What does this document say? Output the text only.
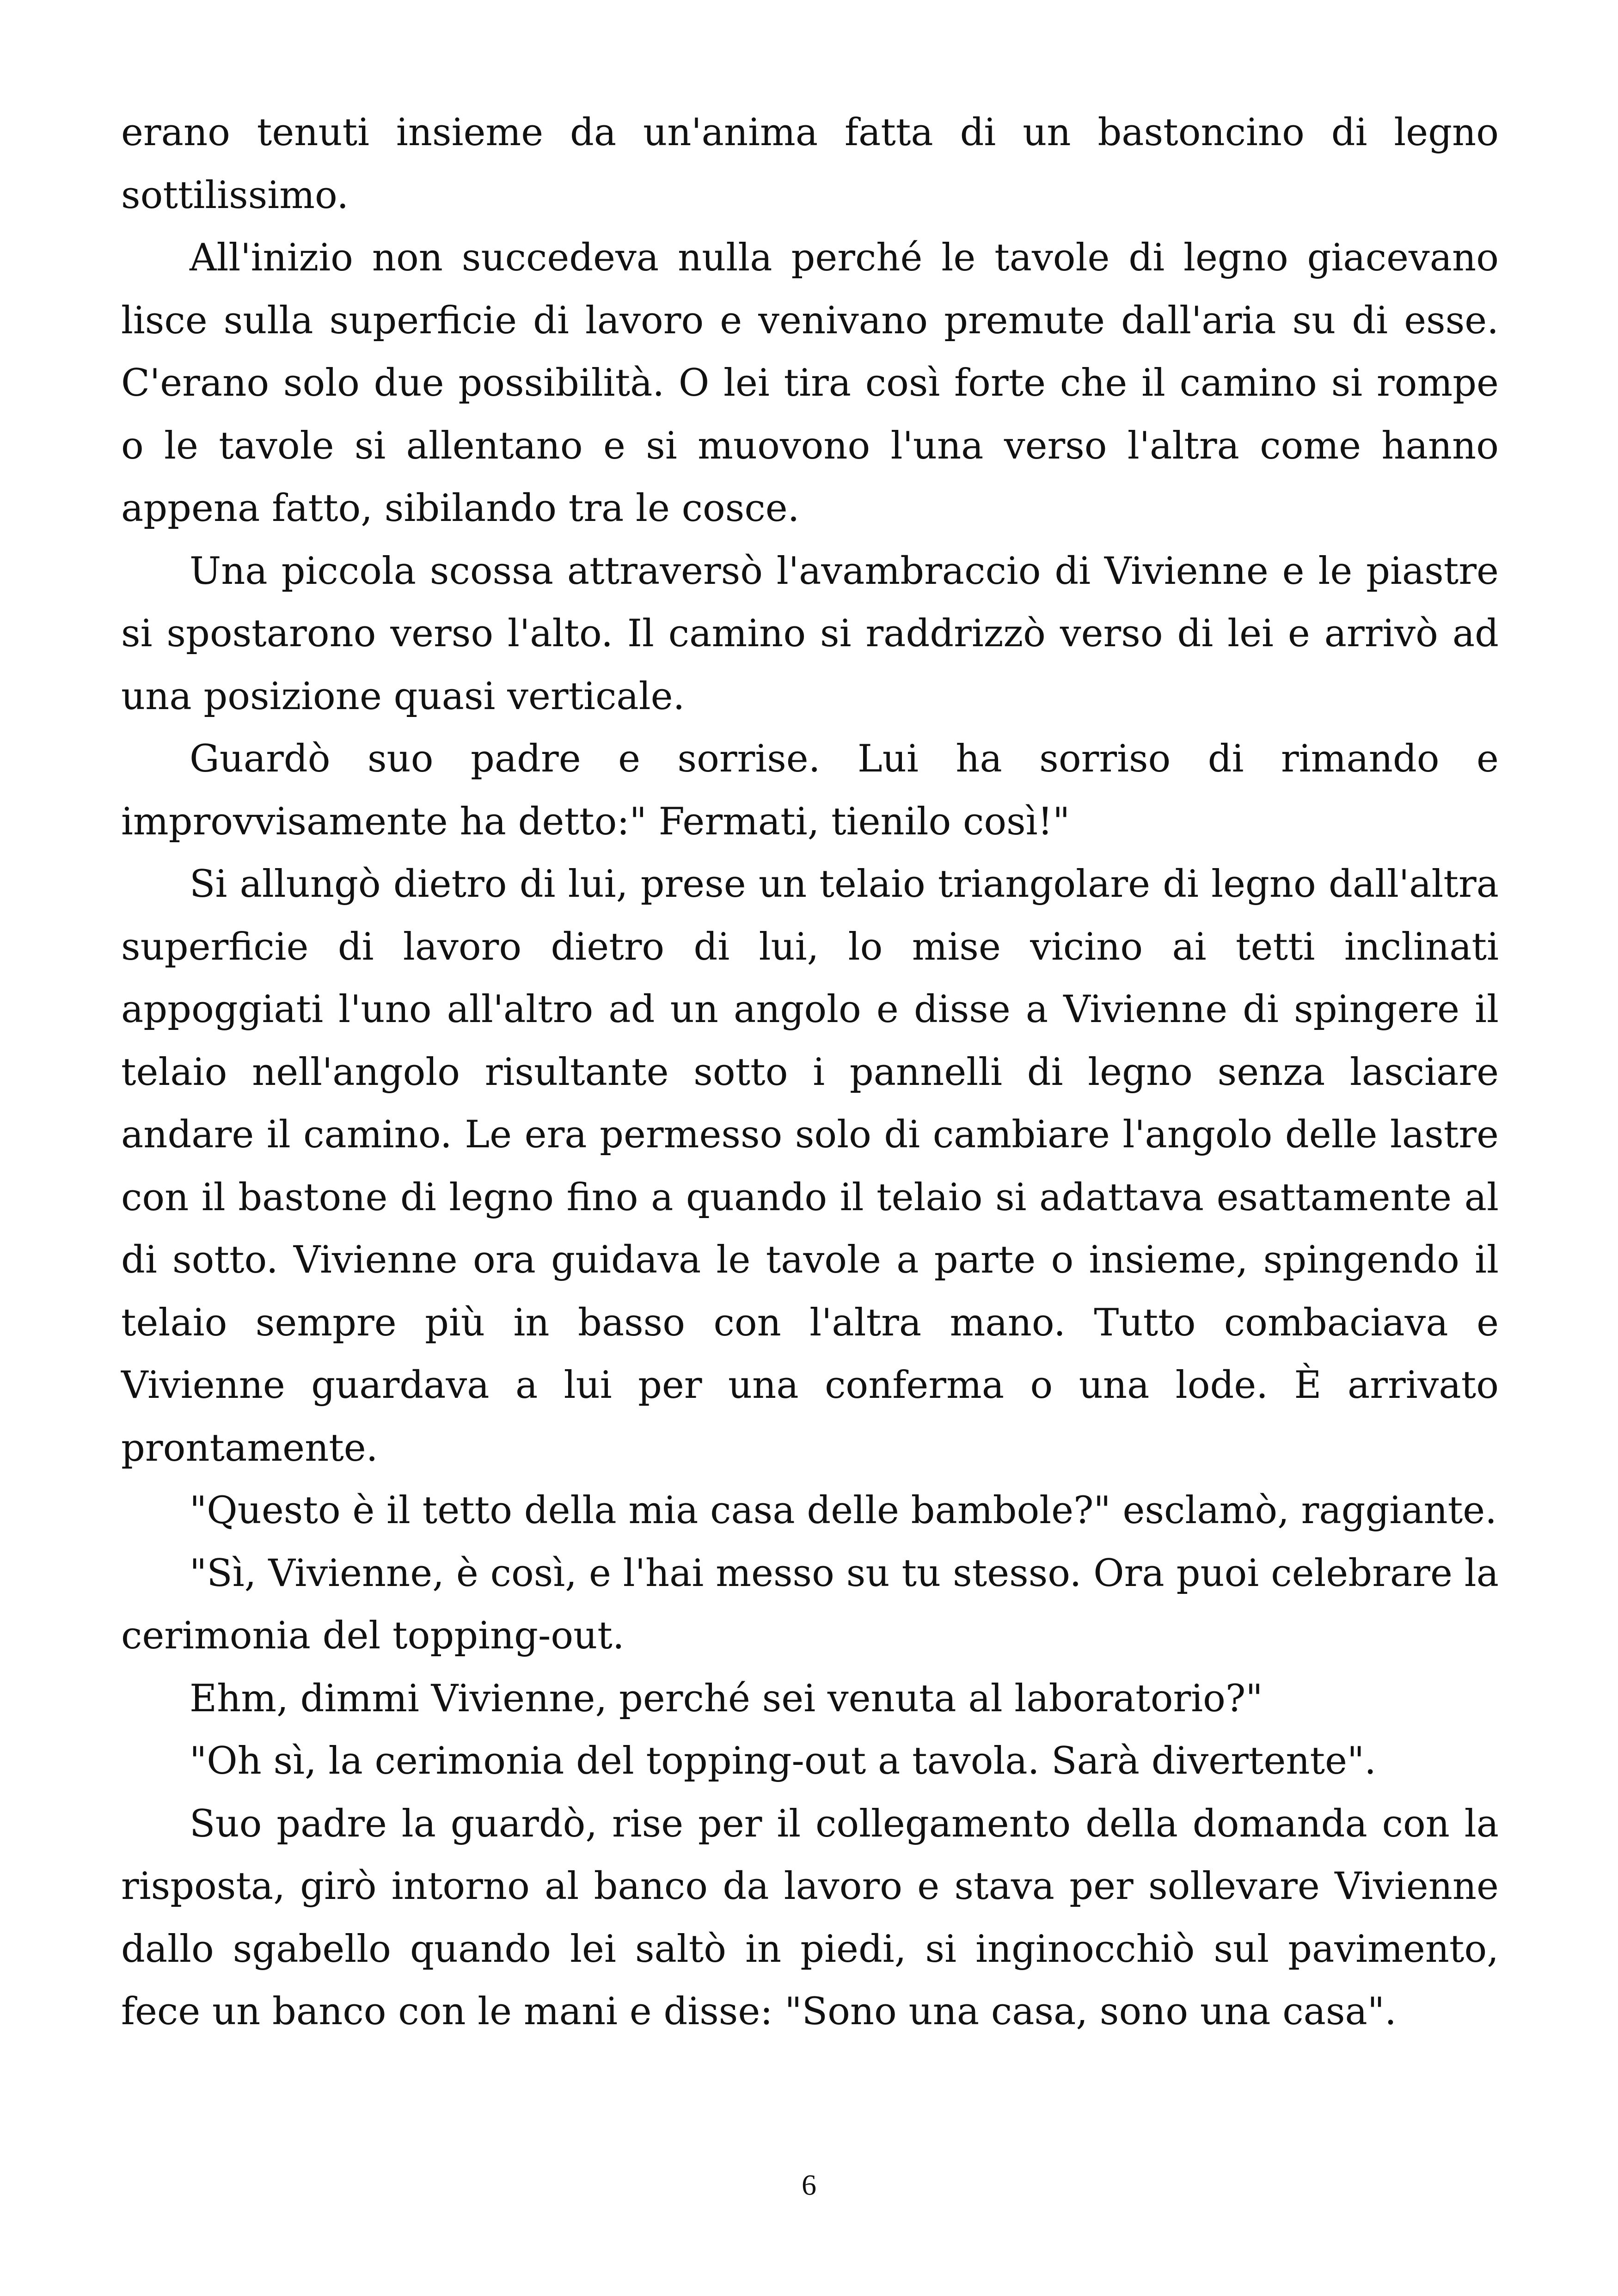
erano tenuti insieme da un'anima fatta di un bastoncino di legno sottilissimo.

All'inizio non succedeva nulla perché le tavole di legno giacevano lisce sulla superficie di lavoro e venivano premute dall'aria su di esse. C'erano solo due possibilità. O lei tira così forte che il camino si rompe o le tavole si allentano e si muovono l'una verso l'altra come hanno appena fatto, sibilando tra le cosce.

Una piccola scossa attraversò l'avambraccio di Vivienne e le piastre si spostarono verso l'alto. Il camino si raddrizzò verso di lei e arrivò ad una posizione quasi verticale.

Guardò suo padre e sorrise. Lui ha sorriso di rimando e improvvisamente ha detto:" Fermati, tienilo così!"

Si allungò dietro di lui, prese un telaio triangolare di legno dall'altra superficie di lavoro dietro di lui, lo mise vicino ai tetti inclinati appoggiati l'uno all'altro ad un angolo e disse a Vivienne di spingere il telaio nell'angolo risultante sotto i pannelli di legno senza lasciare andare il camino. Le era permesso solo di cambiare l'angolo delle lastre con il bastone di legno fino a quando il telaio si adattava esattamente al di sotto. Vivienne ora guidava le tavole a parte o insieme, spingendo il telaio sempre più in basso con l'altra mano. Tutto combaciava e Vivienne guardava a lui per una conferma o una lode. È arrivato prontamente.

"Questo è il tetto della mia casa delle bambole?" esclamò, raggiante.

"Sì, Vivienne, è così, e l'hai messo su tu stesso. Ora puoi celebrare la cerimonia del topping-out.

Ehm, dimmi Vivienne, perché sei venuta al laboratorio?"

"Oh sì, la cerimonia del topping-out a tavola. Sarà divertente".

Suo padre la guardò, rise per il collegamento della domanda con la risposta, girò intorno al banco da lavoro e stava per sollevare Vivienne dallo sgabello quando lei saltò in piedi, si inginocchiò sul pavimento, fece un banco con le mani e disse: "Sono una casa, sono una casa".

6
